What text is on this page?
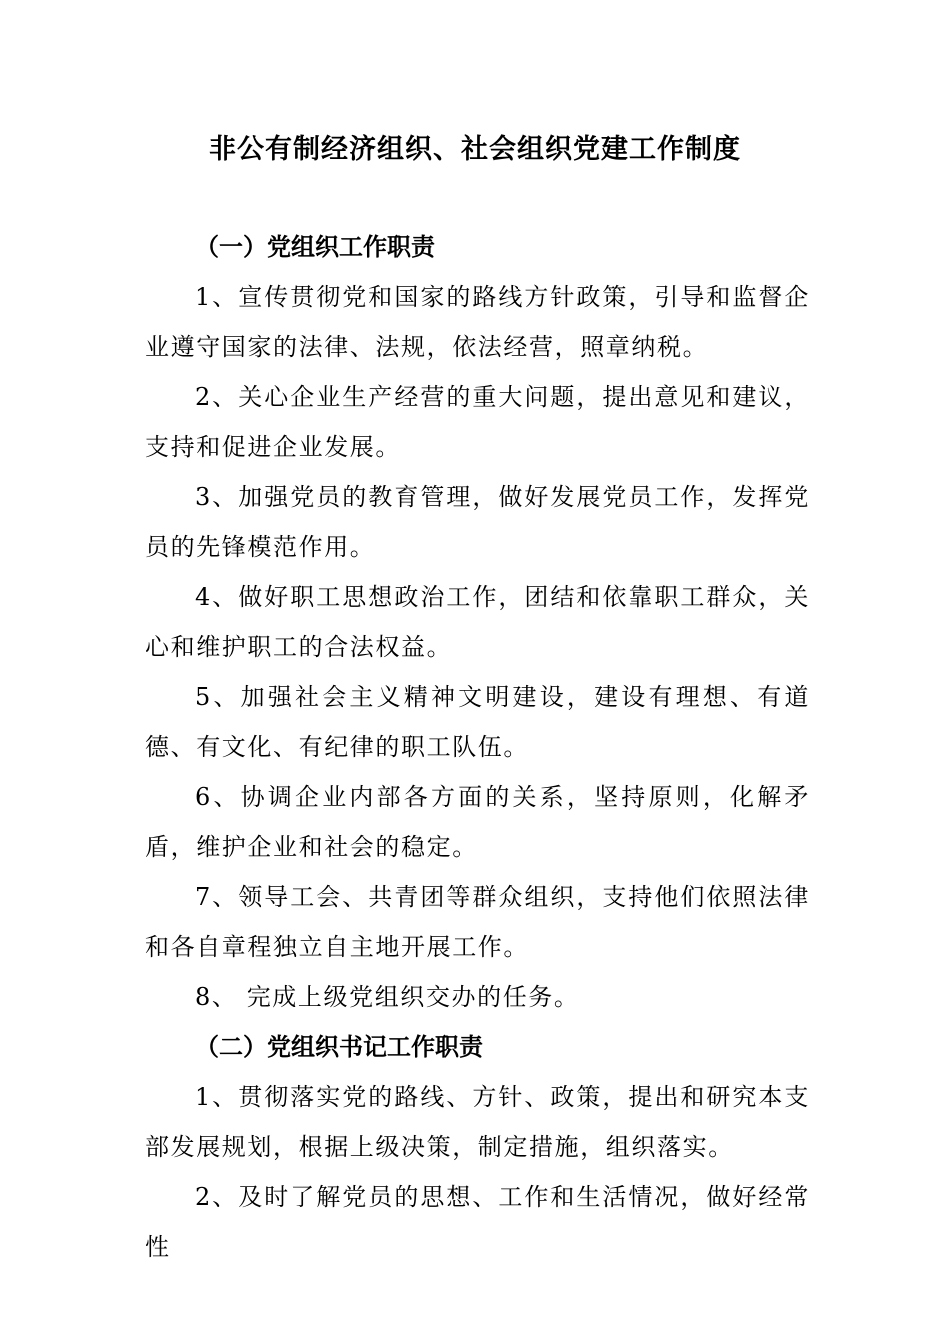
非公有制经济组织、社会组织党建工作制度

（一）党组织工作职责

1、宣传贯彻党和国家的路线方针政策，引导和监督企业遵守国家的法律、法规，依法经营，照章纳税。

2、关心企业生产经营的重大问题，提出意见和建议，支持和促进企业发展。

3、加强党员的教育管理，做好发展党员工作，发挥党员的先锋模范作用。

4、做好职工思想政治工作，团结和依靠职工群众，关心和维护职工的合法权益。

5、加强社会主义精神文明建设，建设有理想、有道德、有文化、有纪律的职工队伍。

6、协调企业内部各方面的关系，坚持原则，化解矛盾，维护企业和社会的稳定。

7、领导工会、共青团等群众组织，支持他们依照法律和各自章程独立自主地开展工作。

8、 完成上级党组织交办的任务。

（二）党组织书记工作职责

1、贯彻落实党的路线、方针、政策，提出和研究本支部发展规划，根据上级决策，制定措施，组织落实。

2、及时了解党员的思想、工作和生活情况，做好经常性
